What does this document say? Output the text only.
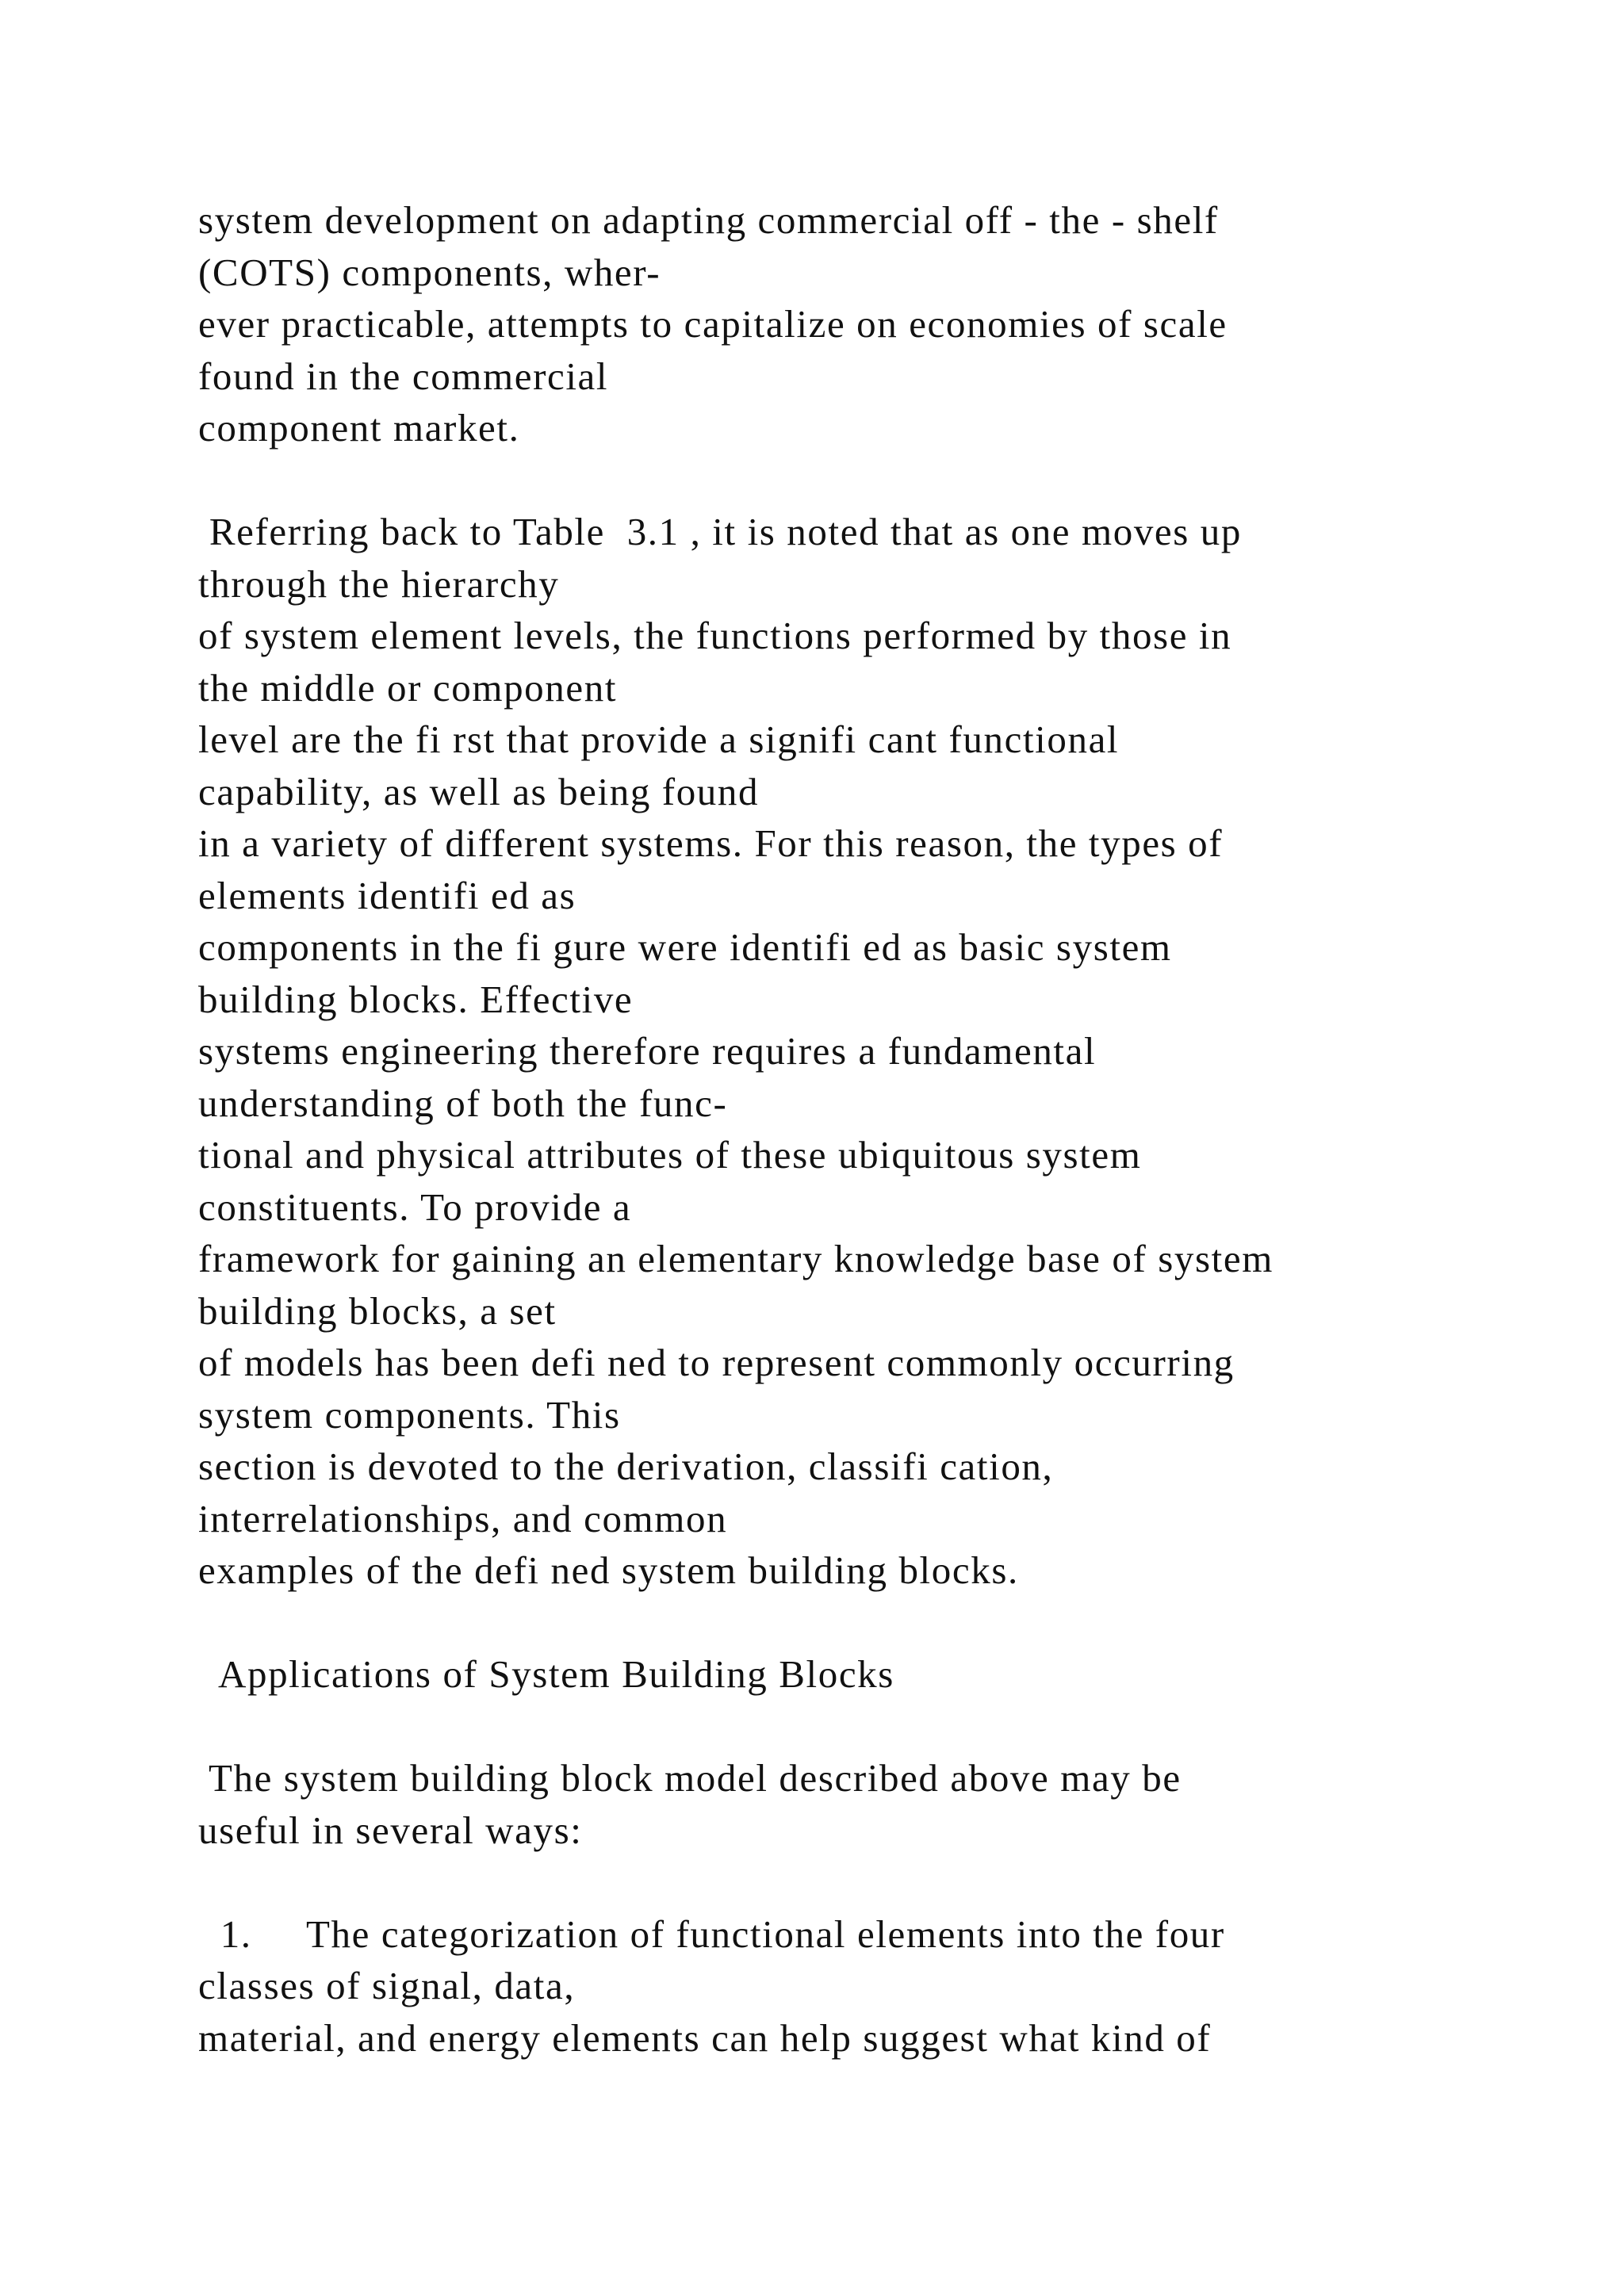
system development on adapting commercial off - the - shelf
(COTS) components, wher-
ever practicable, attempts to capitalize on economies of scale
found in the commercial
component market.
Referring back to Table  3.1 , it is noted that as one moves up
through the hierarchy
of system element levels, the functions performed by those in
the middle or component
level are the fi rst that provide a signifi cant functional
capability, as well as being found
in a variety of different systems. For this reason, the types of
elements identifi ed as
components in the fi gure were identifi ed as basic system
building blocks. Effective
systems engineering therefore requires a fundamental
understanding of both the func-
tional and physical attributes of these ubiquitous system
constituents. To provide a
framework for gaining an elementary knowledge base of system
building blocks, a set
of models has been defi ned to represent commonly occurring
system components. This
section is devoted to the derivation, classifi cation,
interrelationships, and common
examples of the defi ned system building blocks.
Applications of System Building Blocks
The system building block model described above may be
useful in several ways:
1.     The categorization of functional elements into the four
classes of signal, data,
material, and energy elements can help suggest what kind of
